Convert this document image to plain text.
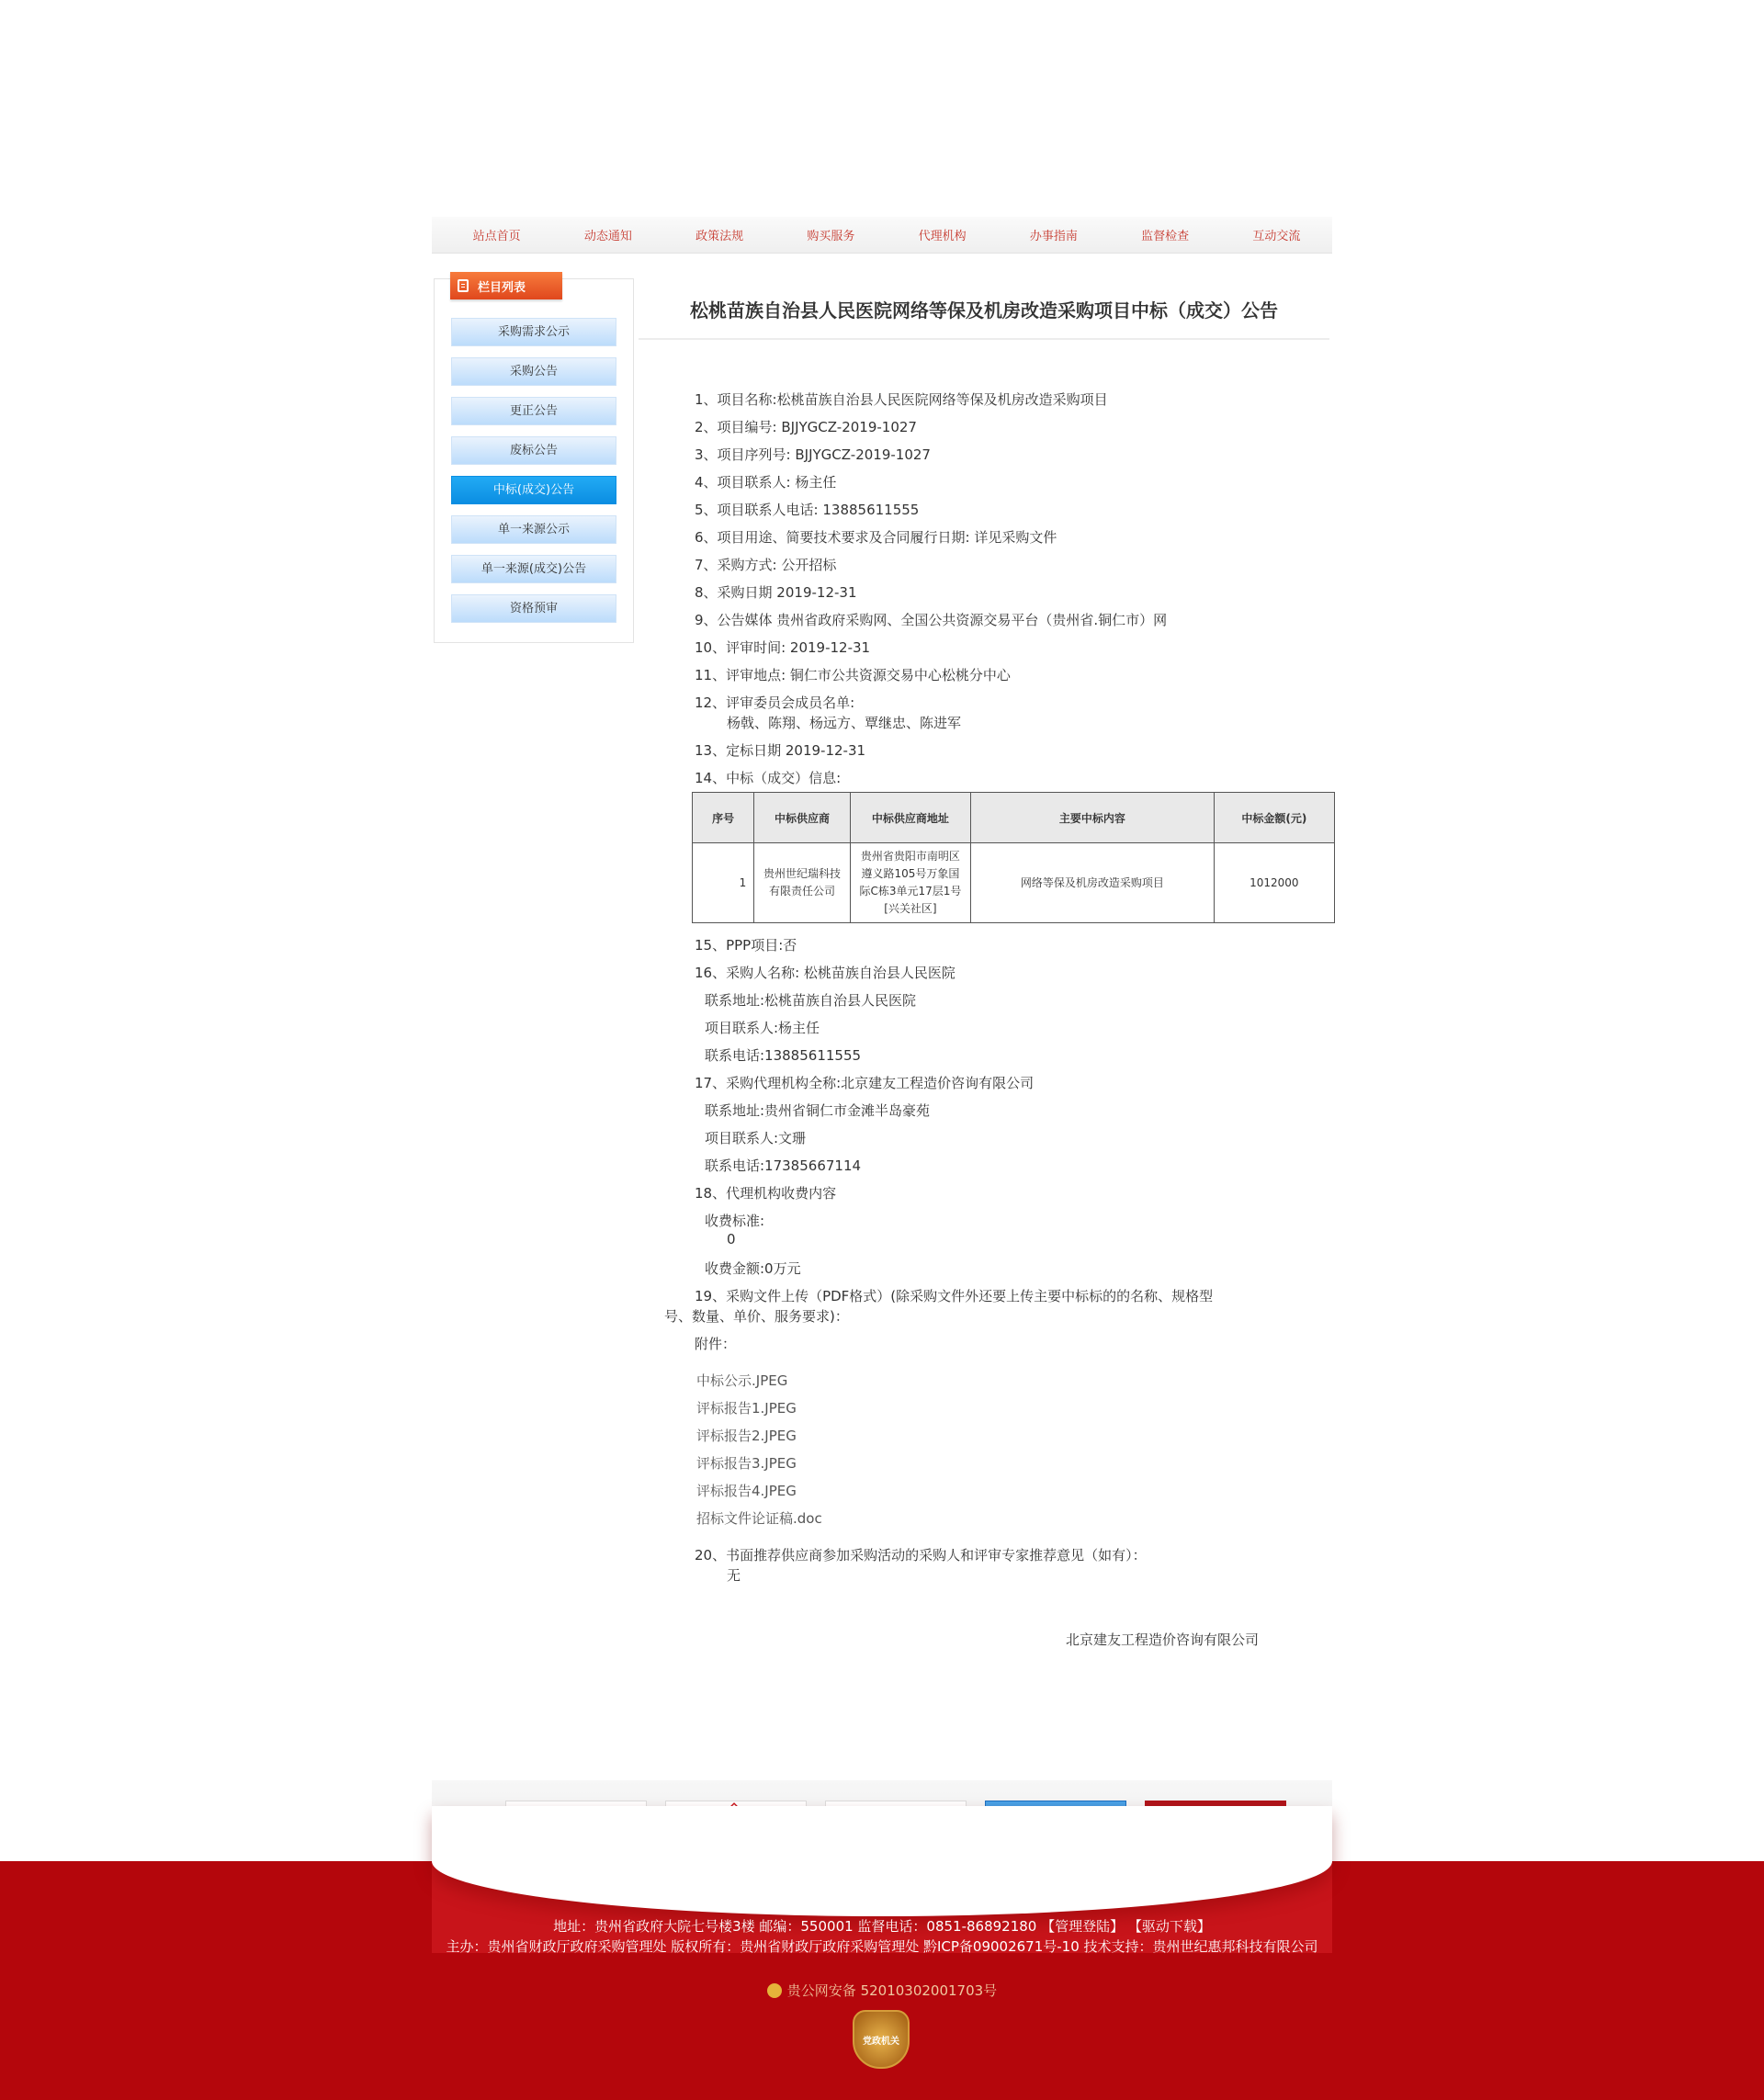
站点首页	动态通知	政策法规	购买服务	代理机构	办事指南	监督检查	互动交流
栏目列表
采购需求公示
采购公告
更正公告
废标公告
中标(成交)公告
单一来源公示
单一来源(成交)公告
资格预审
松桃苗族自治县人民医院网络等保及机房改造采购项目中标（成交）公告
1、项目名称:松桃苗族自治县人民医院网络等保及机房改造采购项目
2、项目编号: BJJYGCZ-2019-1027
3、项目序列号: BJJYGCZ-2019-1027
4、项目联系人: 杨主任
5、项目联系人电话: 13885611555
6、项目用途、简要技术要求及合同履行日期: 详见采购文件
7、采购方式: 公开招标
8、采购日期 2019-12-31
9、公告媒体 贵州省政府采购网、全国公共资源交易平台（贵州省.铜仁市）网
10、评审时间: 2019-12-31
11、评审地点: 铜仁市公共资源交易中心松桃分中心
12、评审委员会成员名单:
杨戟、陈翔、杨远方、覃继忠、陈进军
13、定标日期 2019-12-31
14、中标（成交）信息:
序号	中标供应商	中标供应商地址	主要中标内容	中标金额(元)
1	贵州世纪瑞科技有限责任公司	贵州省贵阳市南明区遵义路105号万象国际C栋3单元17层1号[兴关社区]	网络等保及机房改造采购项目	1012000
15、PPP项目:否
16、采购人名称: 松桃苗族自治县人民医院
联系地址:松桃苗族自治县人民医院
项目联系人:杨主任
联系电话:13885611555
17、采购代理机构全称:北京建友工程造价咨询有限公司
联系地址:贵州省铜仁市金滩半岛豪苑
项目联系人:文珊
联系电话:17385667114
18、代理机构收费内容
收费标准:
0
收费金额:0万元
19、采购文件上传（PDF格式）(除采购文件外还要上传主要中标标的的名称、规格型
号、数量、单价、服务要求)：
附件：
中标公示.JPEG
评标报告1.JPEG
评标报告2.JPEG
评标报告3.JPEG
评标报告4.JPEG
招标文件论证稿.doc
20、书面推荐供应商参加采购活动的采购人和评审专家推荐意见（如有）：
无
北京建友工程造价咨询有限公司
地址：贵州省政府大院七号楼3楼 邮编：550001 监督电话：0851-86892180 【管理登陆】 【驱动下载】
主办：贵州省财政厅政府采购管理处 版权所有：贵州省财政厅政府采购管理处 黔ICP备09002671号-10 技术支持：贵州世纪惠邦科技有限公司
贵公网安备 52010302001703号
党政机关
